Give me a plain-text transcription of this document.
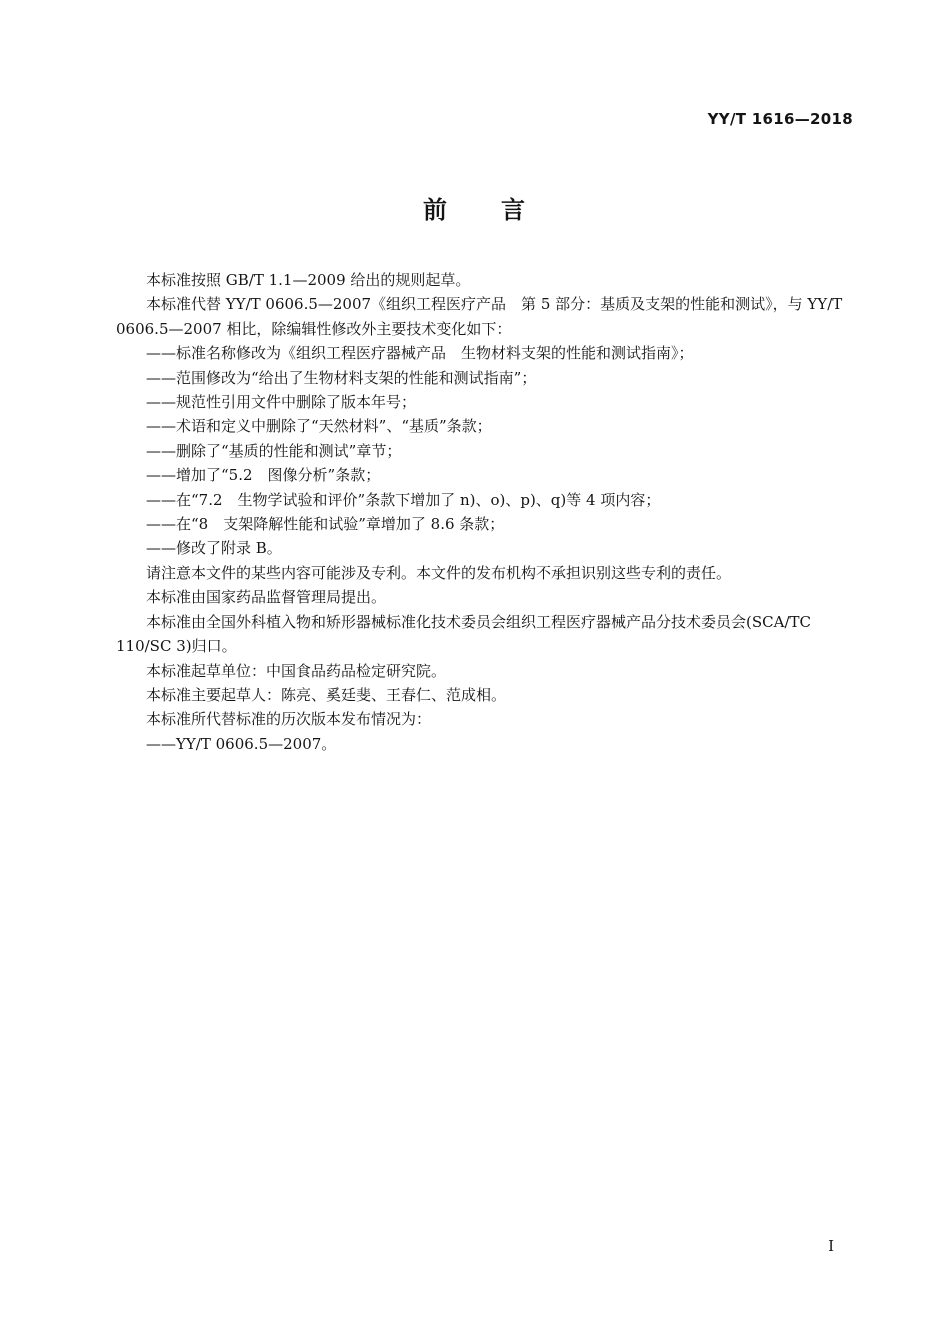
YY/T 1616—2018
前 言

本标准按照 GB/T 1.1—2009 给出的规则起草。

本标准代替 YY/T 0606.5—2007《组织工程医疗产品　第 5 部分：基质及支架的性能和测试》，与 YY/T 0606.5—2007 相比，除编辑性修改外主要技术变化如下：

——标准名称修改为《组织工程医疗器械产品　生物材料支架的性能和测试指南》；

——范围修改为“给出了生物材料支架的性能和测试指南”；

——规范性引用文件中删除了版本年号；

——术语和定义中删除了“天然材料”、“基质”条款；

——删除了“基质的性能和测试”章节；

——增加了“5.2　图像分析”条款；

——在“7.2　生物学试验和评价”条款下增加了 n)、o)、p)、q)等 4 项内容；

——在“8　支架降解性能和试验”章增加了 8.6 条款；

——修改了附录 B。

请注意本文件的某些内容可能涉及专利。本文件的发布机构不承担识别这些专利的责任。

本标准由国家药品监督管理局提出。

本标准由全国外科植入物和矫形器械标准化技术委员会组织工程医疗器械产品分技术委员会(SCA/TC 110/SC 3)归口。

本标准起草单位：中国食品药品检定研究院。

本标准主要起草人：陈亮、奚廷斐、王春仁、范成相。

本标准所代替标准的历次版本发布情况为：

——YY/T 0606.5—2007。

I
